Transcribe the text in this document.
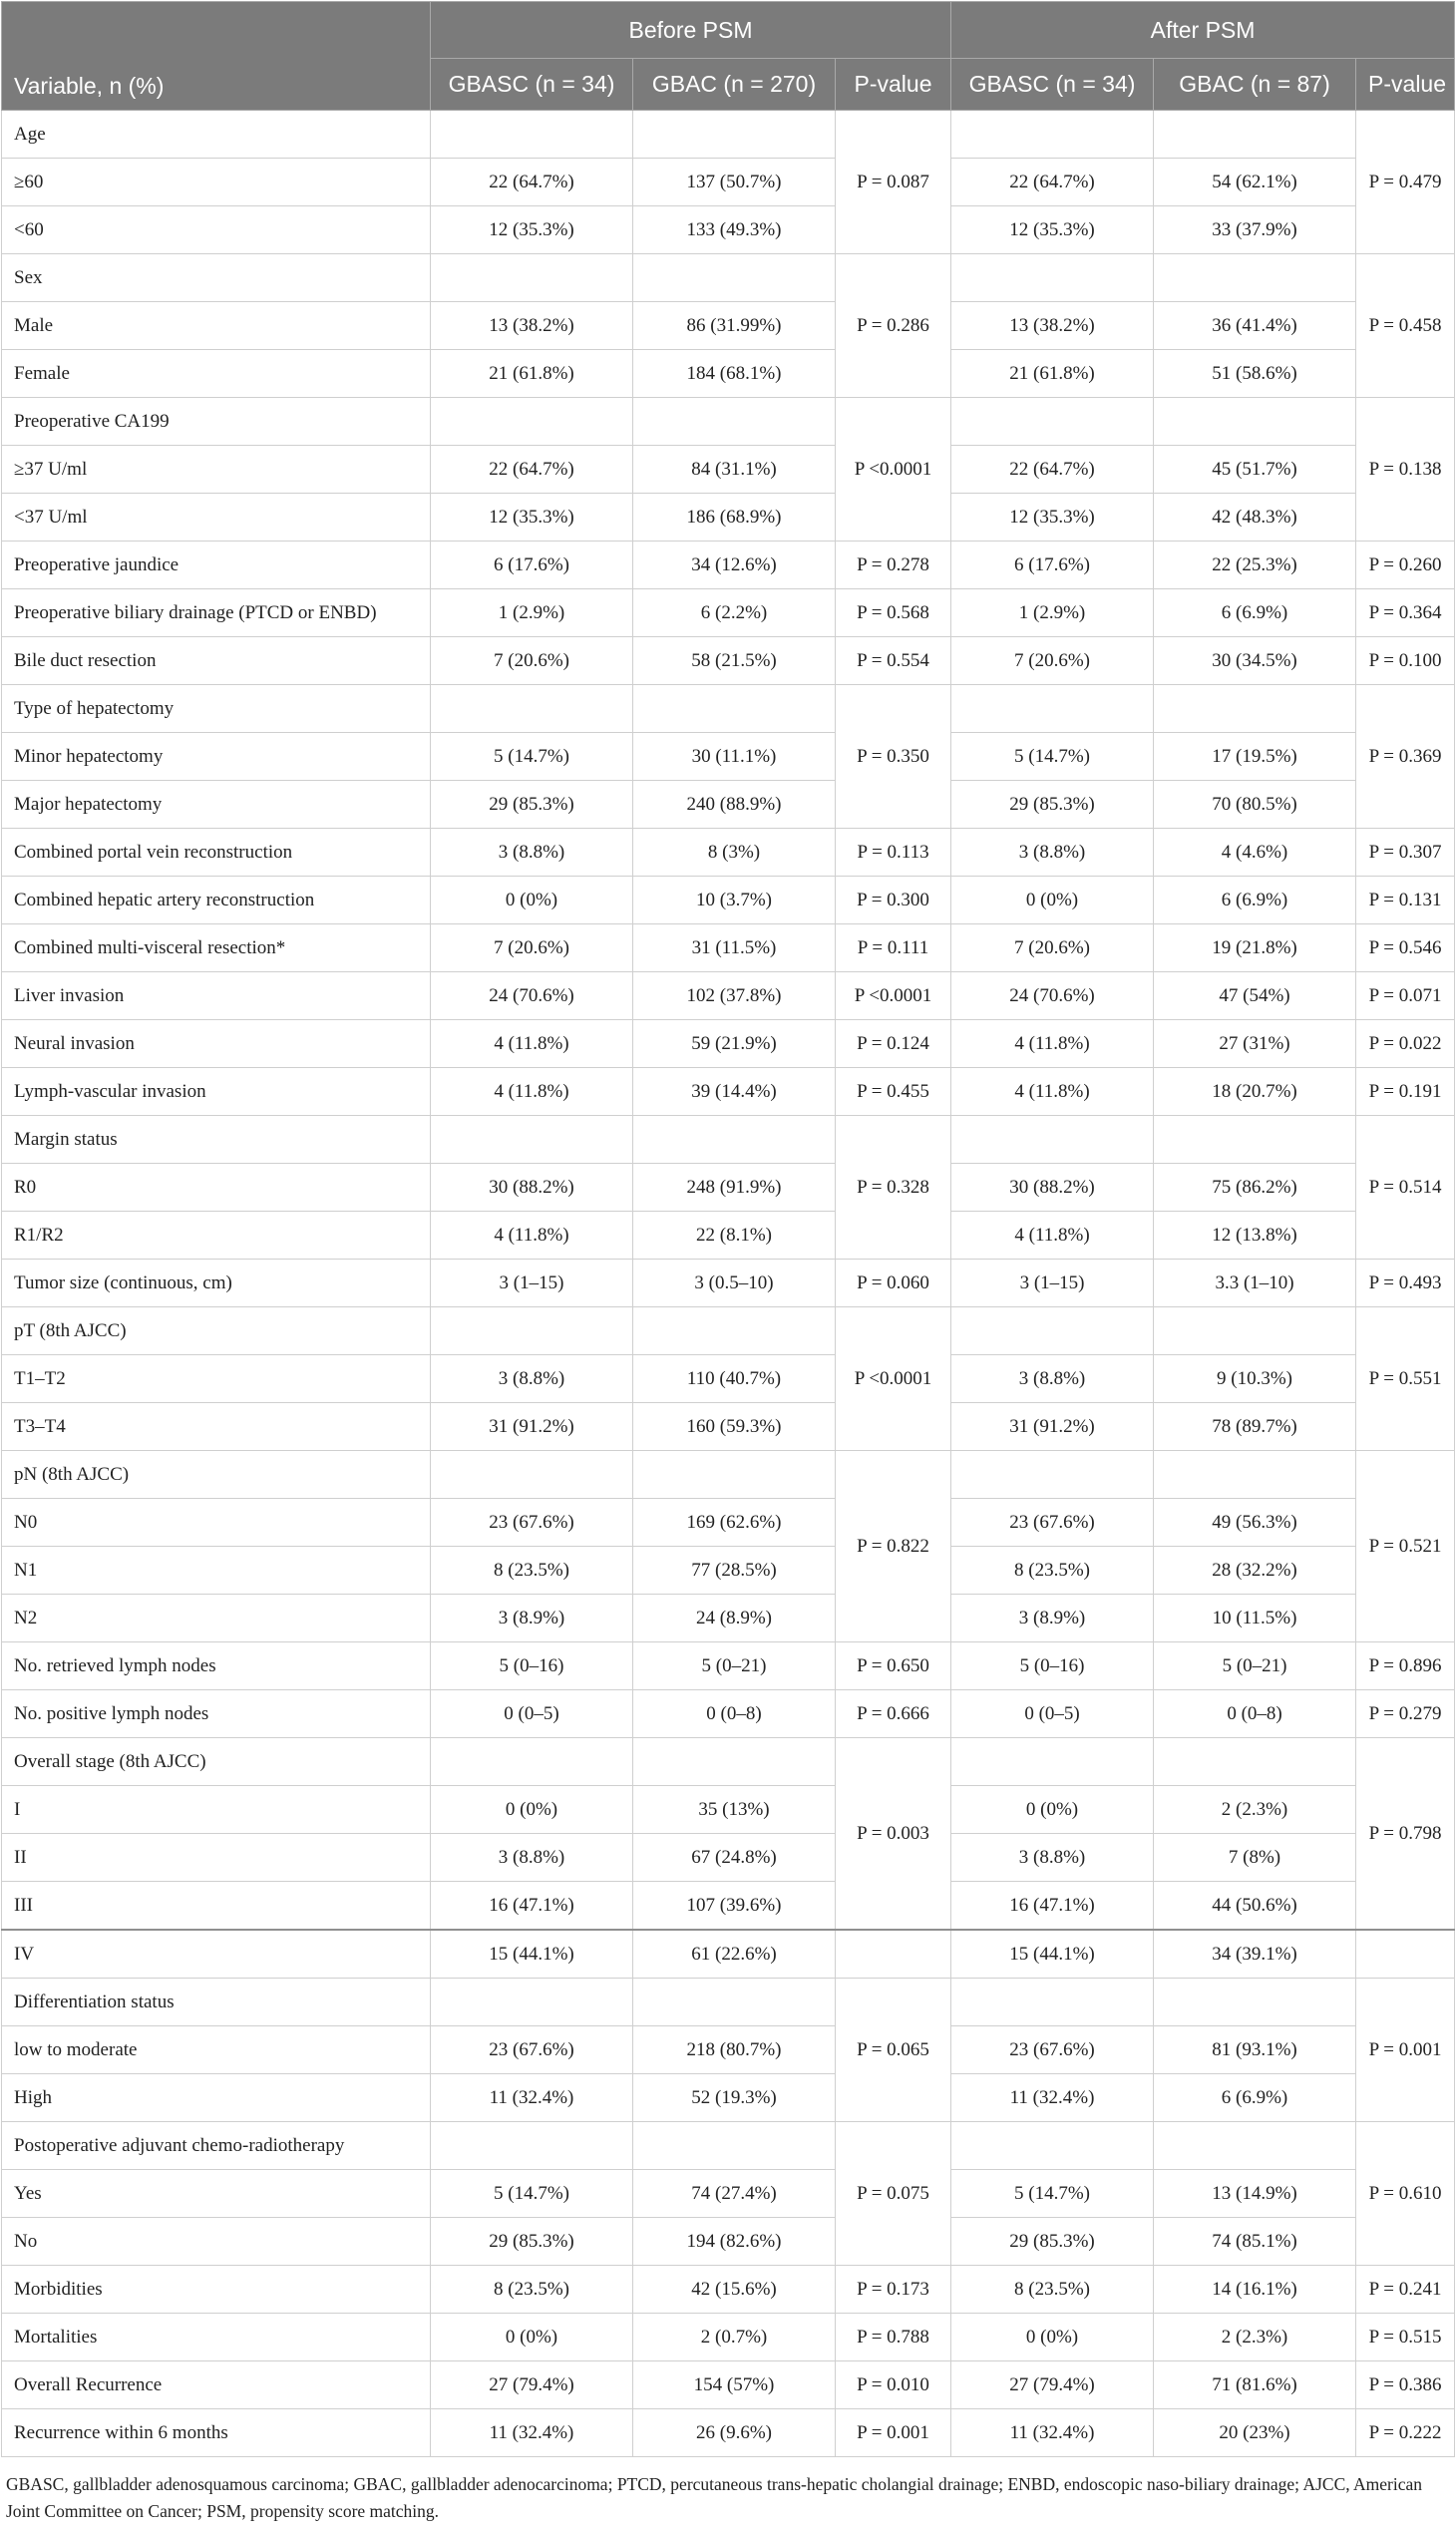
Variable, n (%)	Before PSM			After PSM		
	GBASC (n = 34)	GBAC (n = 270)	P-value	GBASC (n = 34)	GBAC (n = 87)	P-value
Age			P = 0.087			P = 0.479
≥60	22 (64.7%)	137 (50.7%)		22 (64.7%)	54 (62.1%)	
<60	12 (35.3%)	133 (49.3%)		12 (35.3%)	33 (37.9%)	
Sex			P = 0.286			P = 0.458
Male	13 (38.2%)	86 (31.99%)		13 (38.2%)	36 (41.4%)	
Female	21 (61.8%)	184 (68.1%)		21 (61.8%)	51 (58.6%)	
Preoperative CA199			P <0.0001			P = 0.138
≥37 U/ml	22 (64.7%)	84 (31.1%)		22 (64.7%)	45 (51.7%)	
<37 U/ml	12 (35.3%)	186 (68.9%)		12 (35.3%)	42 (48.3%)	
Preoperative jaundice	6 (17.6%)	34 (12.6%)	P = 0.278	6 (17.6%)	22 (25.3%)	P = 0.260
Preoperative biliary drainage (PTCD or ENBD)	1 (2.9%)	6 (2.2%)	P = 0.568	1 (2.9%)	6 (6.9%)	P = 0.364
Bile duct resection	7 (20.6%)	58 (21.5%)	P = 0.554	7 (20.6%)	30 (34.5%)	P = 0.100
Type of hepatectomy			P = 0.350			P = 0.369
Minor hepatectomy	5 (14.7%)	30 (11.1%)		5 (14.7%)	17 (19.5%)	
Major hepatectomy	29 (85.3%)	240 (88.9%)		29 (85.3%)	70 (80.5%)	
Combined portal vein reconstruction	3 (8.8%)	8 (3%)	P = 0.113	3 (8.8%)	4 (4.6%)	P = 0.307
Combined hepatic artery reconstruction	0 (0%)	10 (3.7%)	P = 0.300	0 (0%)	6 (6.9%)	P = 0.131
Combined multi-visceral resection*	7 (20.6%)	31 (11.5%)	P = 0.111	7 (20.6%)	19 (21.8%)	P = 0.546
Liver invasion	24 (70.6%)	102 (37.8%)	P <0.0001	24 (70.6%)	47 (54%)	P = 0.071
Neural invasion	4 (11.8%)	59 (21.9%)	P = 0.124	4 (11.8%)	27 (31%)	P = 0.022
Lymph-vascular invasion	4 (11.8%)	39 (14.4%)	P = 0.455	4 (11.8%)	18 (20.7%)	P = 0.191
Margin status			P = 0.328			P = 0.514
R0	30 (88.2%)	248 (91.9%)		30 (88.2%)	75 (86.2%)	
R1/R2	4 (11.8%)	22 (8.1%)		4 (11.8%)	12 (13.8%)	
Tumor size (continuous, cm)	3 (1–15)	3 (0.5–10)	P = 0.060	3 (1–15)	3.3 (1–10)	P = 0.493
pT (8th AJCC)			P <0.0001			P = 0.551
T1–T2	3 (8.8%)	110 (40.7%)		3 (8.8%)	9 (10.3%)	
T3–T4	31 (91.2%)	160 (59.3%)		31 (91.2%)	78 (89.7%)	
pN (8th AJCC)			P = 0.822			P = 0.521
N0	23 (67.6%)	169 (62.6%)		23 (67.6%)	49 (56.3%)	
N1	8 (23.5%)	77 (28.5%)		8 (23.5%)	28 (32.2%)	
N2	3 (8.9%)	24 (8.9%)		3 (8.9%)	10 (11.5%)	
No. retrieved lymph nodes	5 (0–16)	5 (0–21)	P = 0.650	5 (0–16)	5 (0–21)	P = 0.896
No. positive lymph nodes	0 (0–5)	0 (0–8)	P = 0.666	0 (0–5)	0 (0–8)	P = 0.279
Overall stage (8th AJCC)			P = 0.003			P = 0.798
I	0 (0%)	35 (13%)		0 (0%)	2 (2.3%)	
II	3 (8.8%)	67 (24.8%)		3 (8.8%)	7 (8%)	
III	16 (47.1%)	107 (39.6%)		16 (47.1%)	44 (50.6%)	
IV	15 (44.1%)	61 (22.6%)		15 (44.1%)	34 (39.1%)	
Differentiation status			P = 0.065			P = 0.001
low to moderate	23 (67.6%)	218 (80.7%)		23 (67.6%)	81 (93.1%)	
High	11 (32.4%)	52 (19.3%)		11 (32.4%)	6 (6.9%)	
Postoperative adjuvant chemo-radiotherapy			P = 0.075			P = 0.610
Yes	5 (14.7%)	74 (27.4%)		5 (14.7%)	13 (14.9%)	
No	29 (85.3%)	194 (82.6%)		29 (85.3%)	74 (85.1%)	
Morbidities	8 (23.5%)	42 (15.6%)	P = 0.173	8 (23.5%)	14 (16.1%)	P = 0.241
Mortalities	0 (0%)	2 (0.7%)	P = 0.788	0 (0%)	2 (2.3%)	P = 0.515
Overall Recurrence	27 (79.4%)	154 (57%)	P = 0.010	27 (79.4%)	71 (81.6%)	P = 0.386
Recurrence within 6 months	11 (32.4%)	26 (9.6%)	P = 0.001	11 (32.4%)	20 (23%)	P = 0.222
GBASC, gallbladder adenosquamous carcinoma; GBAC, gallbladder adenocarcinoma; PTCD, percutaneous trans-hepatic cholangial drainage; ENBD, endoscopic naso-biliary drainage; AJCC, American Joint Committee on Cancer; PSM, propensity score matching.
